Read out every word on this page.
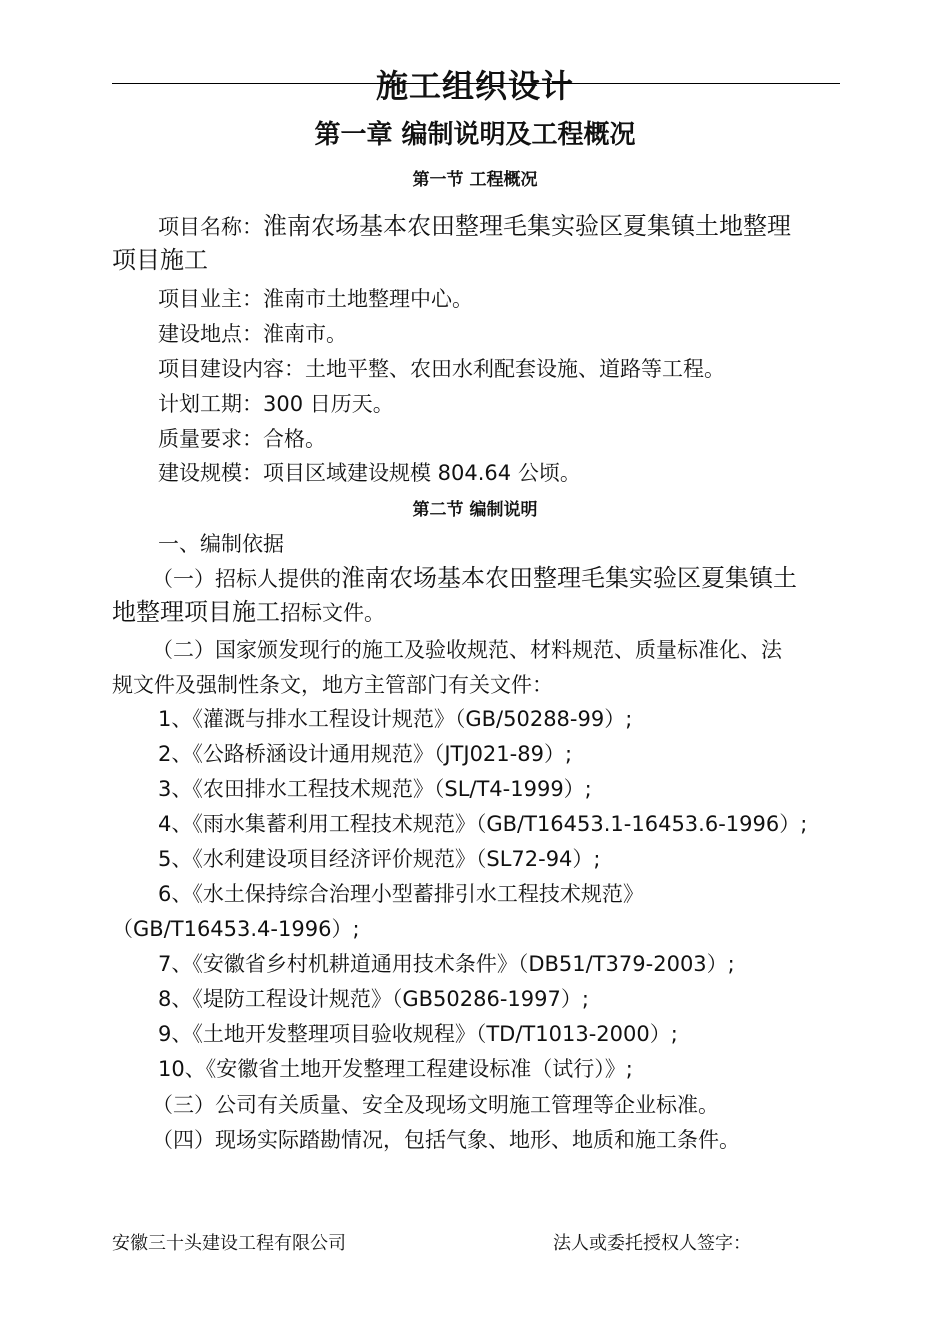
施工组织设计
第一章 编制说明及工程概况
第一节 工程概况
项目名称：淮南农场基本农田整理毛集实验区夏集镇土地整理
项目施工
项目业主：淮南市土地整理中心。
建设地点：淮南市。
项目建设内容：土地平整、农田水利配套设施、道路等工程。
计划工期：300 日历天。
质量要求：合格。
建设规模：项目区域建设规模 804.64 公顷。
第二节 编制说明
一、编制依据
（一）招标人提供的淮南农场基本农田整理毛集实验区夏集镇土
地整理项目施工招标文件。
（二）国家颁发现行的施工及验收规范、材料规范、质量标准化、法
规文件及强制性条文，地方主管部门有关文件：
1、《灌溉与排水工程设计规范》（GB/50288-99）;
2、《公路桥涵设计通用规范》（JTJ021-89）;
3、《农田排水工程技术规范》（SL/T4-1999）;
4、《雨水集蓄利用工程技术规范》（GB/T16453.1-16453.6-1996）;
5、《水利建设项目经济评价规范》（SL72-94）;
6、《水土保持综合治理小型蓄排引水工程技术规范》
（GB/T16453.4-1996）;
7、《安徽省乡村机耕道通用技术条件》（DB51/T379-2003）;
8、《堤防工程设计规范》（GB50286-1997）;
9、《土地开发整理项目验收规程》（TD/T1013-2000）;
10、《安徽省土地开发整理工程建设标准（试行）》;
（三）公司有关质量、安全及现场文明施工管理等企业标准。
（四）现场实际踏勘情况，包括气象、地形、地质和施工条件。
安徽三十头建设工程有限公司	法人或委托授权人签字：
